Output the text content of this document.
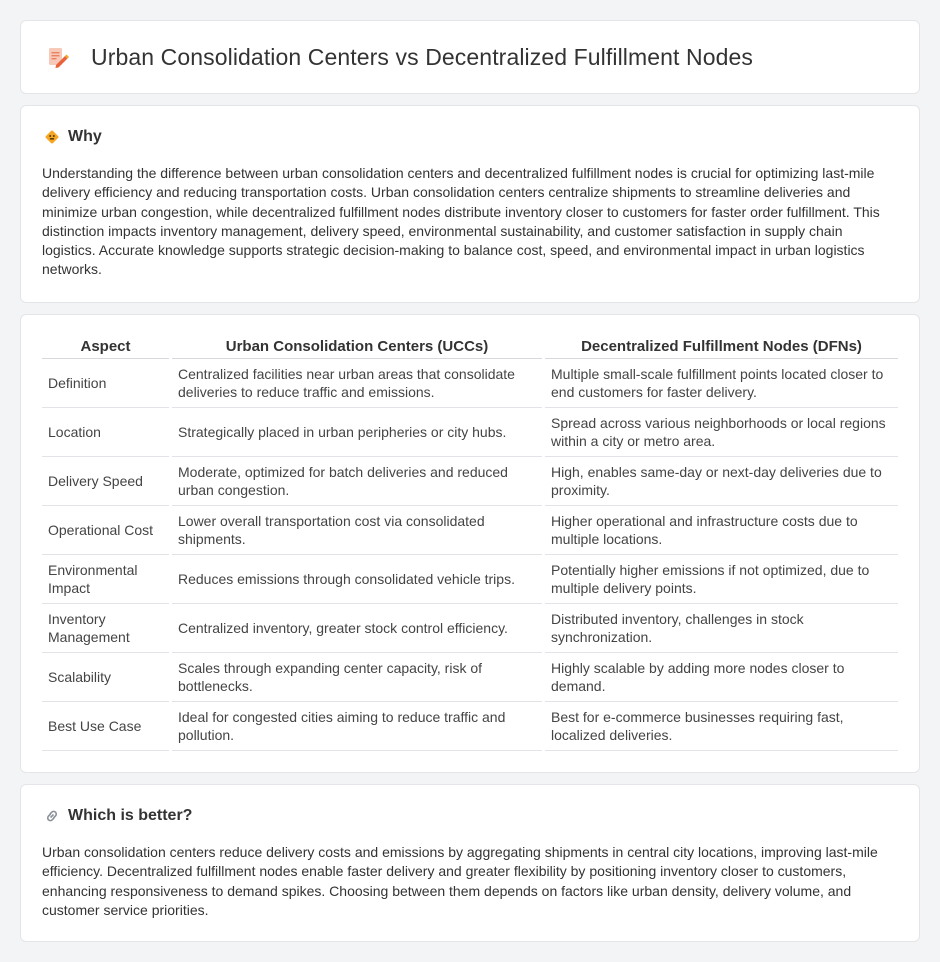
Urban Consolidation Centers vs Decentralized Fulfillment Nodes
Why

Understanding the difference between urban consolidation centers and decentralized fulfillment nodes is crucial for optimizing last-mile delivery efficiency and reducing transportation costs. Urban consolidation centers centralize shipments to streamline deliveries and minimize urban congestion, while decentralized fulfillment nodes distribute inventory closer to customers for faster order fulfillment. This distinction impacts inventory management, delivery speed, environmental sustainability, and customer satisfaction in supply chain logistics. Accurate knowledge supports strategic decision-making to balance cost, speed, and environmental impact in urban logistics networks.

Aspect	Urban Consolidation Centers (UCCs)	Decentralized Fulfillment Nodes (DFNs)
Definition	Centralized facilities near urban areas that consolidate deliveries to reduce traffic and emissions.	Multiple small-scale fulfillment points located closer to end customers for faster delivery.
Location	Strategically placed in urban peripheries or city hubs.	Spread across various neighborhoods or local regions within a city or metro area.
Delivery Speed	Moderate, optimized for batch deliveries and reduced urban congestion.	High, enables same-day or next-day deliveries due to proximity.
Operational Cost	Lower overall transportation cost via consolidated shipments.	Higher operational and infrastructure costs due to multiple locations.
Environmental Impact	Reduces emissions through consolidated vehicle trips.	Potentially higher emissions if not optimized, due to multiple delivery points.
Inventory Management	Centralized inventory, greater stock control efficiency.	Distributed inventory, challenges in stock synchronization.
Scalability	Scales through expanding center capacity, risk of bottlenecks.	Highly scalable by adding more nodes closer to demand.
Best Use Case	Ideal for congested cities aiming to reduce traffic and pollution.	Best for e-commerce businesses requiring fast, localized deliveries.
Which is better?

Urban consolidation centers reduce delivery costs and emissions by aggregating shipments in central city locations, improving last-mile efficiency. Decentralized fulfillment nodes enable faster delivery and greater flexibility by positioning inventory closer to customers, enhancing responsiveness to demand spikes. Choosing between them depends on factors like urban density, delivery volume, and customer service priorities.
